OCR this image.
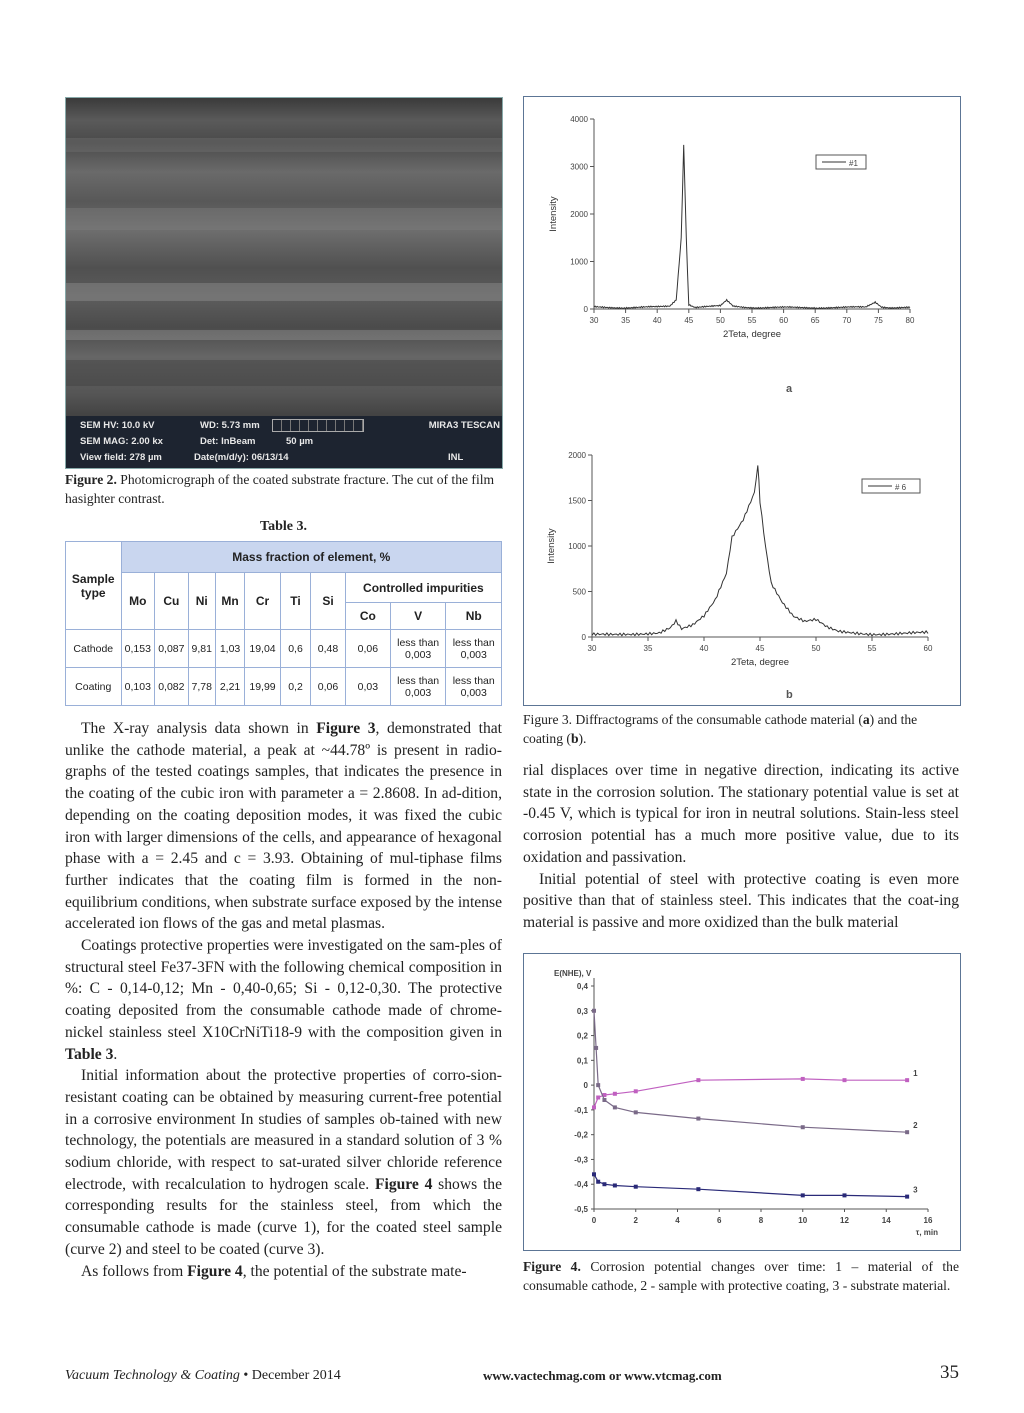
SEM HV: 10.0 kV	WD: 5.73 mm	MIRA3 TESCAN
SEM MAG: 2.00 kx	Det: InBeam	50 µm
View field: 278 µm	Date(m/d/y): 06/13/14	INL
Figure 2. Photomicrograph of the coated substrate fracture. The cut of the film hasighter contrast.
Table 3.
Sample type	Mass fraction of element, %									
	Mo	Cu	Ni	Mn	Cr	Ti	Si	Controlled impurities		
								Co	V	Nb
Cathode	0,153	0,087	9,81	1,03	19,04	0,6	0,48	0,06	less than 0,003	less than 0,003
Coating	0,103	0,082	7,78	2,21	19,99	0,2	0,06	0,03	less than 0,003	less than 0,003

The X-ray analysis data shown in Figure 3, demonstrated that unlike the cathode material, a peak at ~44.78º is present in radio-graphs of the tested coatings samples, that indicates the presence in the coating of the cubic iron with parameter a = 2.8608. In ad-dition, depending on the coating deposition modes, it was fixed the cubic iron with larger dimensions of the cells, and appearance of hexagonal phase with a = 2.45 and c = 3.93. Obtaining of mul-tiphase films further indicates that the coating film is formed in the non-equilibrium conditions, when substrate surface exposed by the intense accelerated ion flows of the gas and metal plasmas.

Coatings protective properties were investigated on the sam-ples of structural steel Fe37-3FN with the following chemical composition in %: C - 0,14-0,12; Mn - 0,40-0,65; Si - 0,12-0,30. The protective coating deposited from the consumable cathode made of chrome-nickel stainless steel X10CrNiTi18-9 with the composition given in Table 3.

Initial information about the protective properties of corro-sion-resistant coating can be obtained by measuring current-free potential in a corrosive environment In studies of samples ob-tained with new technology, the potentials are measured in a standard solution of 3 % sodium chloride, with respect to sat-urated silver chloride reference electrode, with recalculation to hydrogen scale. Figure 4 shows the corresponding results for the stainless steel, from which the consumable cathode is made (curve 1), for the coated steel sample (curve 2) and steel to be coated (curve 3).

As follows from Figure 4, the potential of the substrate mate-

0
1000
2000
3000
4000
30	35	40	45	50	55	60	65	70	75	80
2Teta, degree
Intensity
#1
a
0
500
1000
1500
2000
30	35	40	45	50	55	60
2Teta, degree
Intensity
# 6
b
Figure 3. Diffractograms of the consumable cathode material (a) and the coating (b).

rial displaces over time in negative direction, indicating its active state in the corrosion solution. The stationary potential value is set at -0.45 V, which is typical for iron in neutral solutions. Stain-less steel corrosion potential has a much more positive value, due to its oxidation and passivation.

Initial potential of steel with protective coating is even more positive than that of stainless steel. This indicates that the coat-ing material is passive and more oxidized than the bulk material

0,4
0,3
0,2
0,1
0
-0,1
-0,2
-0,3
-0,4
-0,5
0	2	4	6	8	10	12	14	16
E(NHE), V
τ, min
1
2
3
Figure 4. Corrosion potential changes over time: 1 – material of the consumable cathode, 2 - sample with protective coating, 3 - substrate material.
Vacuum Technology & Coating • December 2014	www.vactechmag.com or www.vtcmag.com	35
